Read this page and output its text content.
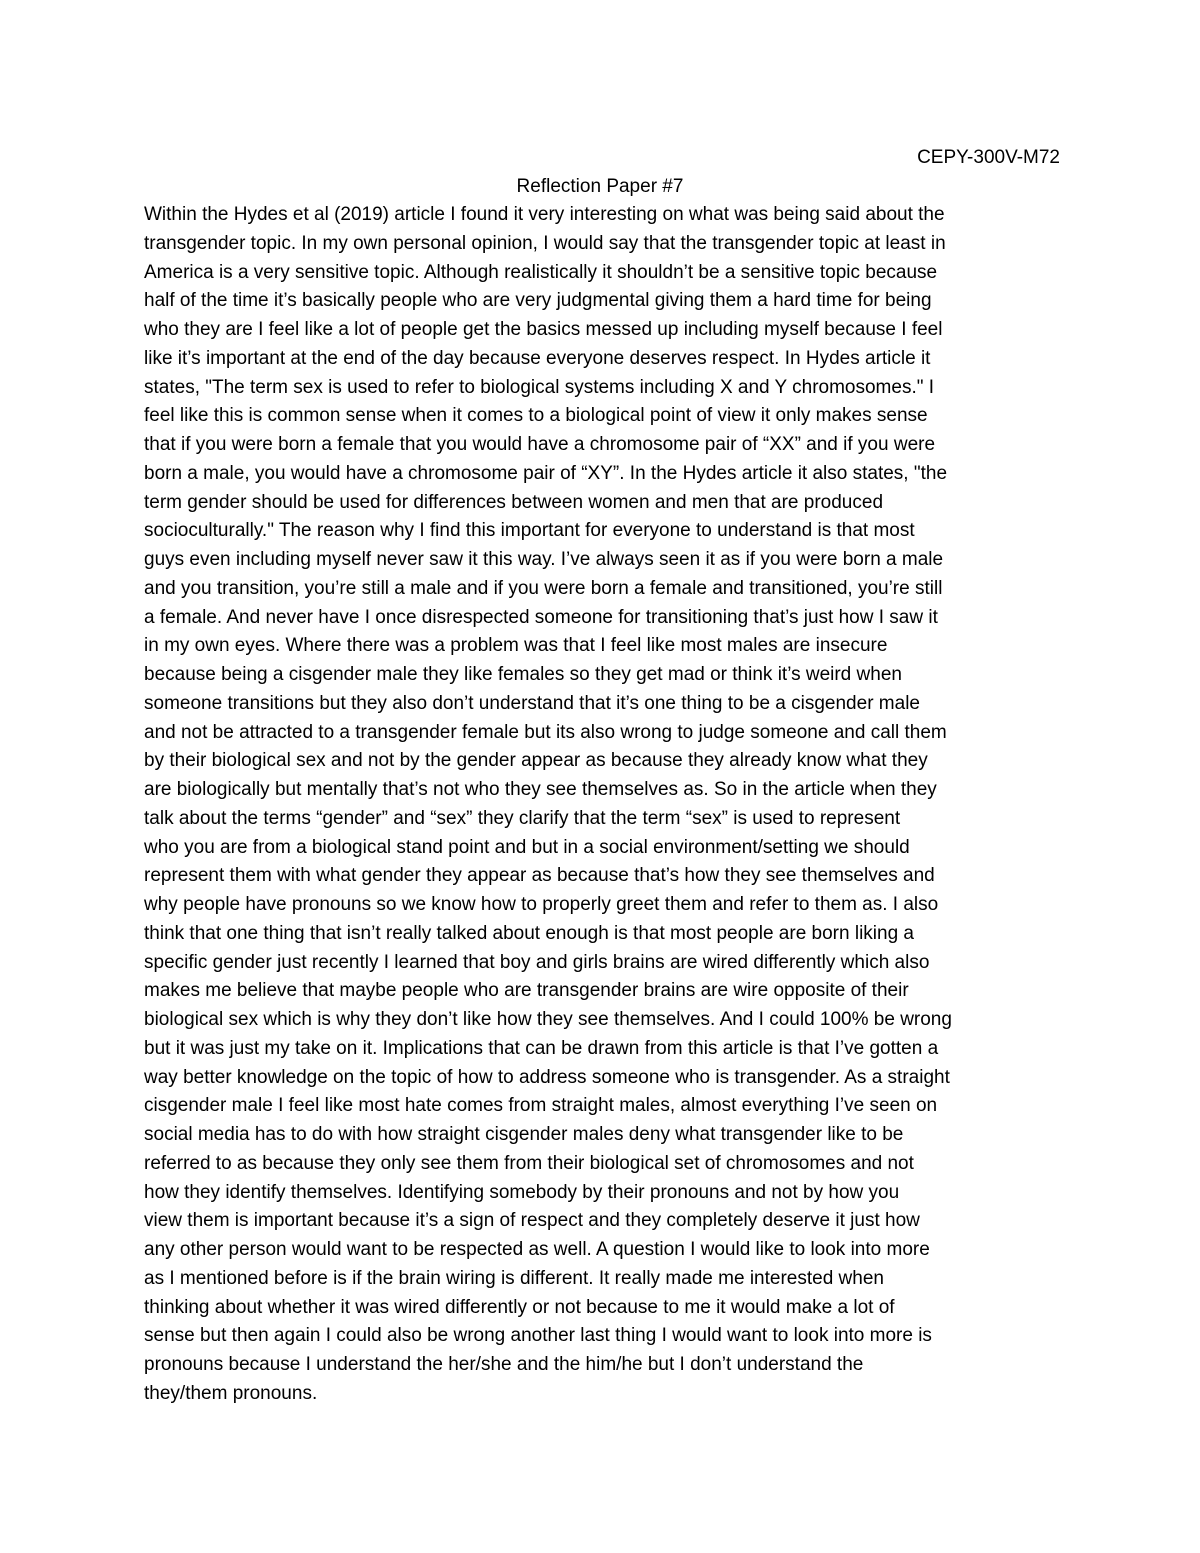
CEPY-300V-M72
Reflection Paper #7
Within the Hydes et al (2019) article I found it very interesting on what was being said about the
transgender topic. In my own personal opinion, I would say that the transgender topic at least in
America is a very sensitive topic. Although realistically it shouldn’t be a sensitive topic because
half of the time it’s basically people who are very judgmental giving them a hard time for being
who they are I feel like a lot of people get the basics messed up including myself because I feel
like it’s important at the end of the day because everyone deserves respect. In Hydes article it
states, "The term sex is used to refer to biological systems including X and Y chromosomes." I
feel like this is common sense when it comes to a biological point of view it only makes sense
that if you were born a female that you would have a chromosome pair of “XX” and if you were
born a male, you would have a chromosome pair of “XY”. In the Hydes article it also states, "the
term gender should be used for differences between women and men that are produced
socioculturally." The reason why I find this important for everyone to understand is that most
guys even including myself never saw it this way. I’ve always seen it as if you were born a male
and you transition, you’re still a male and if you were born a female and transitioned, you’re still
a female. And never have I once disrespected someone for transitioning that’s just how I saw it
in my own eyes. Where there was a problem was that I feel like most males are insecure
because being a cisgender male they like females so they get mad or think it’s weird when
someone transitions but they also don’t understand that it’s one thing to be a cisgender male
and not be attracted to a transgender female but its also wrong to judge someone and call them
by their biological sex and not by the gender appear as because they already know what they
are biologically but mentally that’s not who they see themselves as. So in the article when they
talk about the terms “gender” and “sex” they clarify that the term “sex” is used to represent
who you are from a biological stand point and but in a social environment/setting we should
represent them with what gender they appear as because that’s how they see themselves and
why people have pronouns so we know how to properly greet them and refer to them as. I also
think that one thing that isn’t really talked about enough is that most people are born liking a
specific gender just recently I learned that boy and girls brains are wired differently which also
makes me believe that maybe people who are transgender brains are wire opposite of their
biological sex which is why they don’t like how they see themselves. And I could 100% be wrong
but it was just my take on it. Implications that can be drawn from this article is that I’ve gotten a
way better knowledge on the topic of how to address someone who is transgender. As a straight
cisgender male I feel like most hate comes from straight males, almost everything I’ve seen on
social media has to do with how straight cisgender males deny what transgender like to be
referred to as because they only see them from their biological set of chromosomes and not
how they identify themselves. Identifying somebody by their pronouns and not by how you
view them is important because it’s a sign of respect and they completely deserve it just how
any other person would want to be respected as well. A question I would like to look into more
as I mentioned before is if the brain wiring is different. It really made me interested when
thinking about whether it was wired differently or not because to me it would make a lot of
sense but then again I could also be wrong another last thing I would want to look into more is
pronouns because I understand the her/she and the him/he but I don’t understand the
they/them pronouns.
